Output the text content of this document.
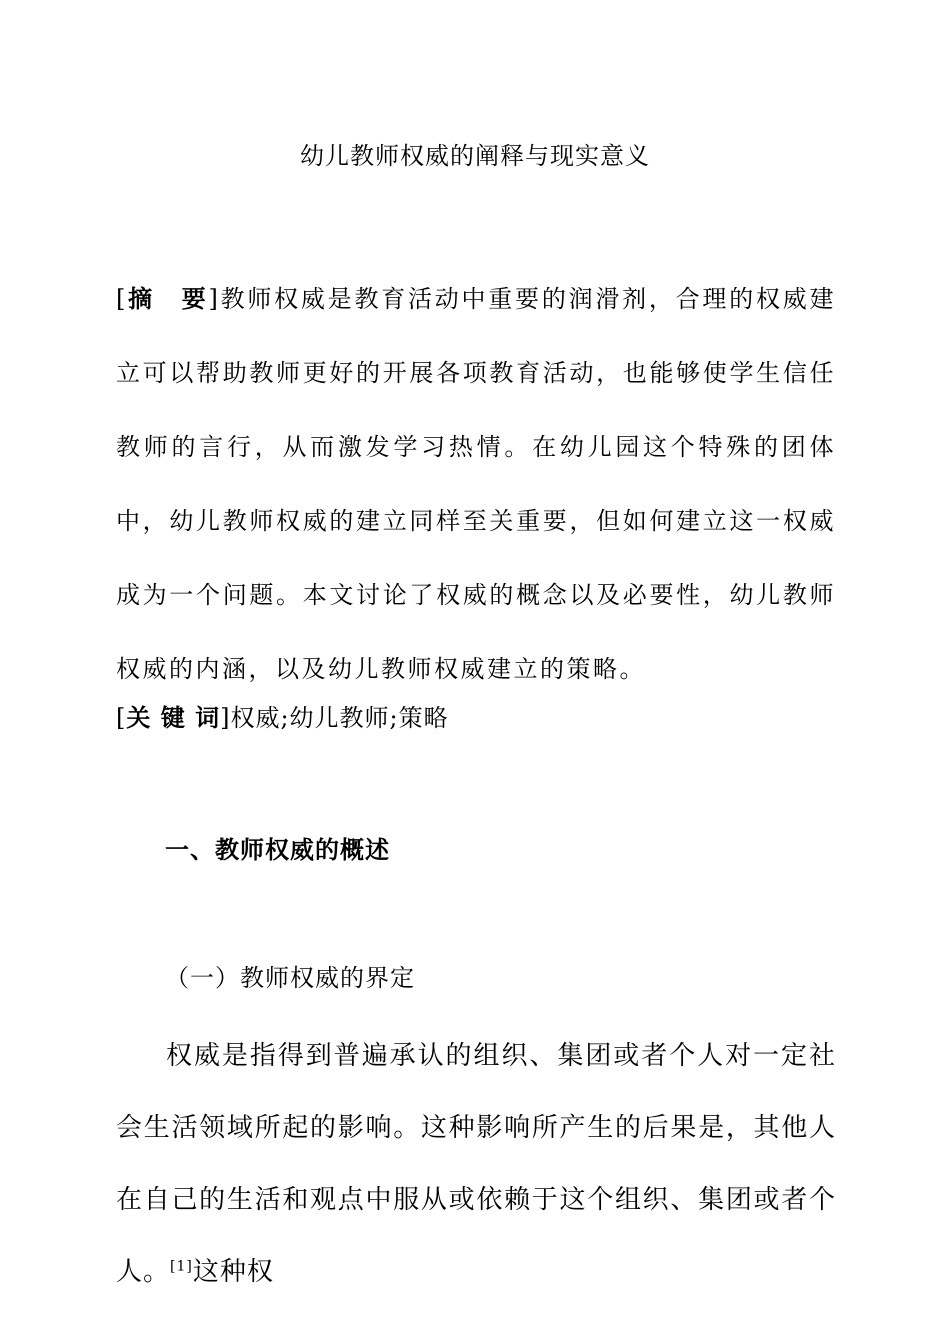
幼儿教师权威的阐释与现实意义
[摘　要]教师权威是教育活动中重要的润滑剂，合理的权威建立可以帮助教师更好的开展各项教育活动，也能够使学生信任教师的言行，从而激发学习热情。在幼儿园这个特殊的团体中，幼儿教师权威的建立同样至关重要，但如何建立这一权威成为一个问题。本文讨论了权威的概念以及必要性，幼儿教师权威的内涵，以及幼儿教师权威建立的策略。
[关 键 词]权威;幼儿教师;策略
一、教师权威的概述
（一）教师权威的界定
权威是指得到普遍承认的组织、集团或者个人对一定社会生活领域所起的影响。这种影响所产生的后果是，其他人在自己的生活和观点中服从或依赖于这个组织、集团或者个人。[1]这种权
